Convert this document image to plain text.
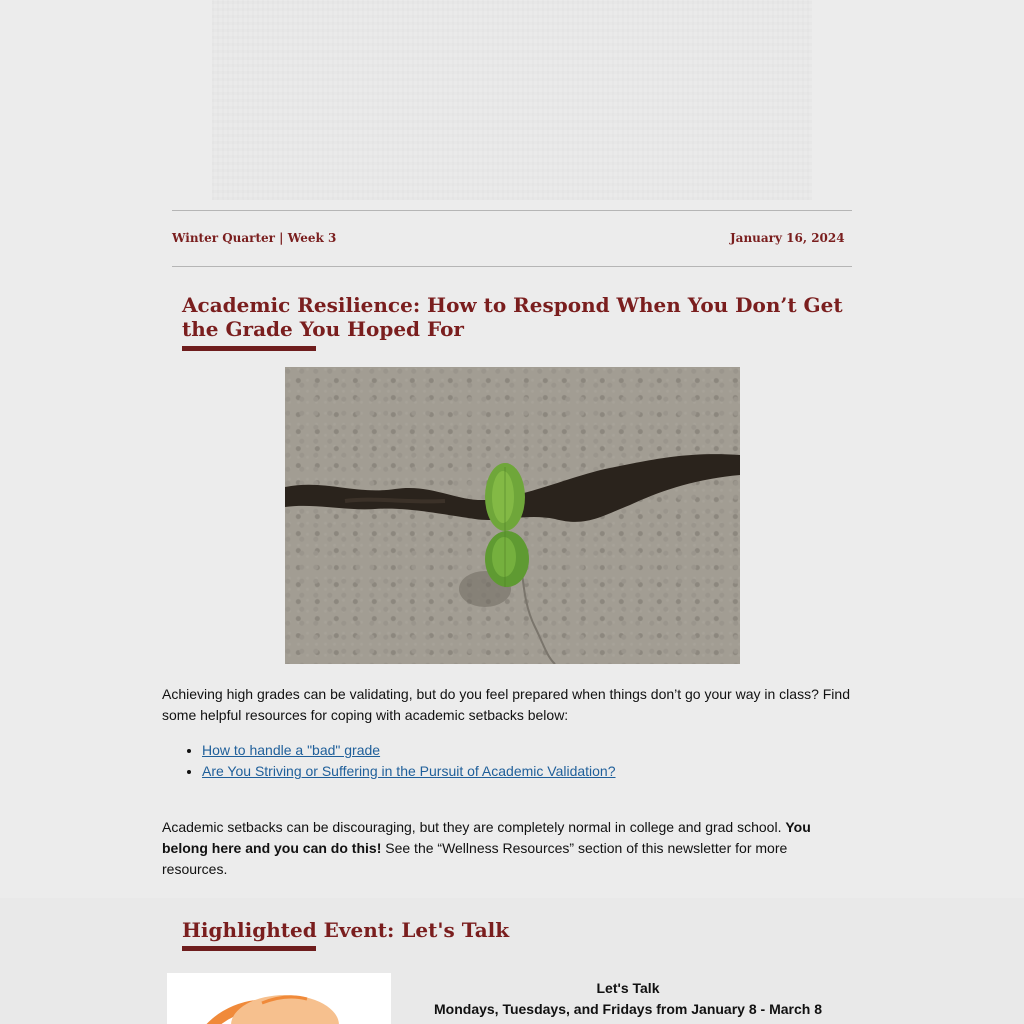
Winter Quarter | Week 3	January 16, 2024
Academic Resilience: How to Respond When You Don’t Get the Grade You Hoped For
Achieving high grades can be validating, but do you feel prepared when things don’t go your way in class? Find some helpful resources for coping with academic setbacks below:
• How to handle a "bad" grade
• Are You Striving or Suffering in the Pursuit of Academic Validation?
Academic setbacks can be discouraging, but they are completely normal in college and grad school. You belong here and you can do this! See the “Wellness Resources” section of this newsletter for more resources.
Highlighted Event: Let's Talk
Let's Talk
Mondays, Tuesdays, and Fridays from January 8 - March 8
